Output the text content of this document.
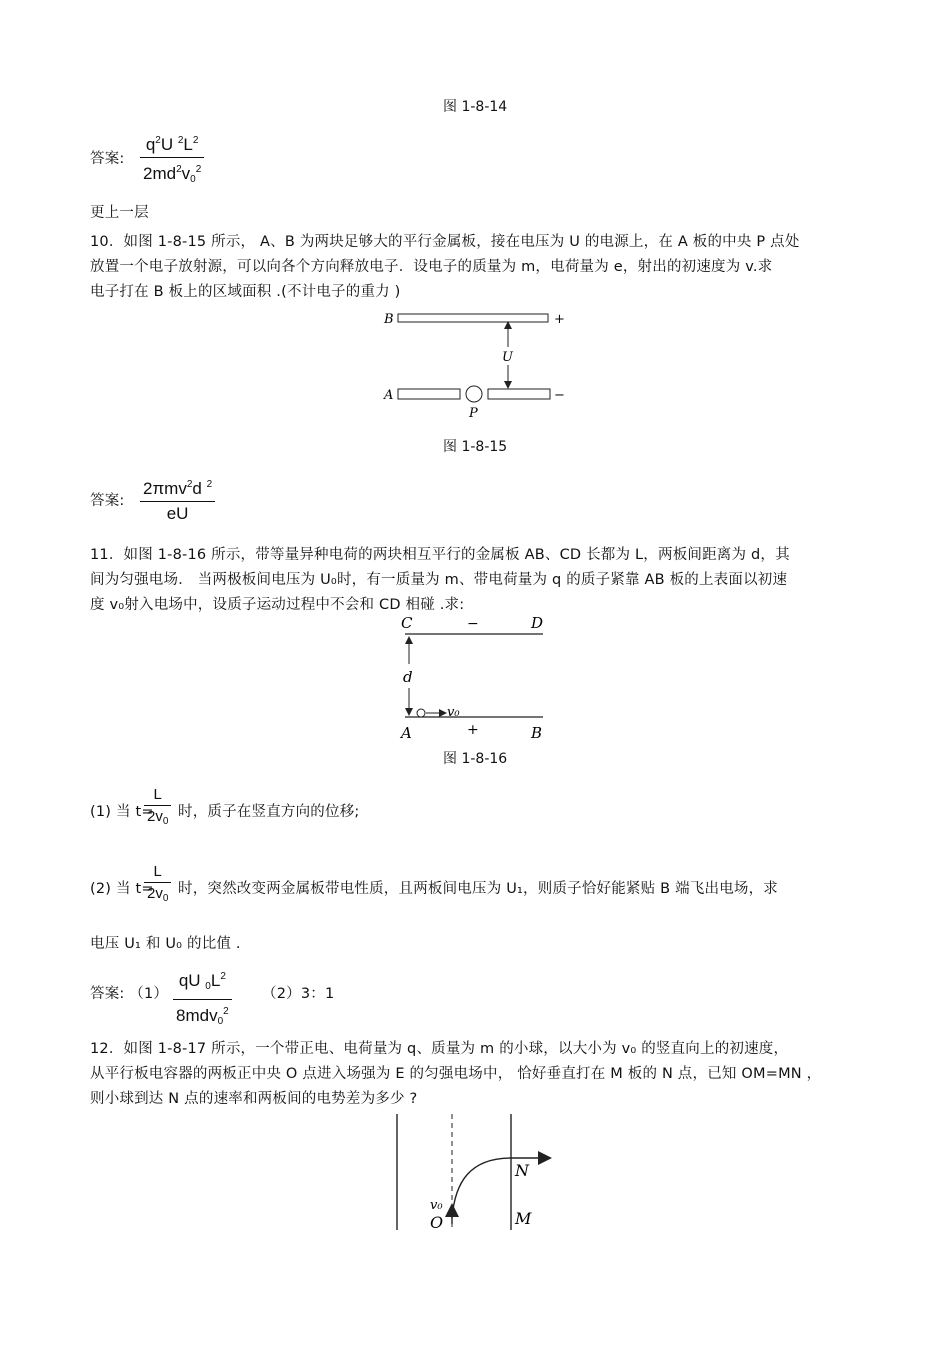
图 1-8-14
答案:
$q^2U$ $^2L^2$
$2md^2v_0^2$
更上一层
10．如图 1-8-15 所示， A、B 为两块足够大的平行金属板，接在电压为 U 的电源上，在 A 板的中央 P 点处
放置一个电子放射源，可以向各个方向释放电子．设电子的质量为 m，电荷量为 e，射出的初速度为 v.求
电子打在 B 板上的区域面积 .(不计电子的重力 )
B	+
A	−
P
U
图 1-8-15
答案:
2πmv$^2$d $^2$
eU
11．如图 1-8-16 所示，带等量异种电荷的两块相互平行的金属板 AB、CD 长都为 L，两板间距离为 d，其
间为匀强电场． 当两极板间电压为 U₀时，有一质量为 m、带电荷量为 q 的质子紧靠 AB 板的上表面以初速
度 v₀射入电场中，设质子运动过程中不会和 CD 相碰 .求:
C	−	D
d
v₀
A	+	B
图 1-8-16
(1) 当 t=
L
$2v_0$
时，质子在竖直方向的位移;
(2) 当 t=
L
$2v_0$
时，突然改变两金属板带电性质，且两板间电压为 U₁，则质子恰好能紧贴 B 端飞出电场，求
电压 U₁ 和 U₀ 的比值 .
答案: （1）
qU $_0L^2$
8mdv$_0^2$
（2）3：1
12．如图 1-8-17 所示，一个带正电、电荷量为 q、质量为 m 的小球，以大小为 v₀ 的竖直向上的初速度，
从平行板电容器的两板正中央 O 点进入场强为 E 的匀强电场中， 恰好垂直打在 M 板的 N 点，已知 OM=MN ，
则小球到达 N 点的速率和两板间的电势差为多少 ?
N
M
v₀
O
